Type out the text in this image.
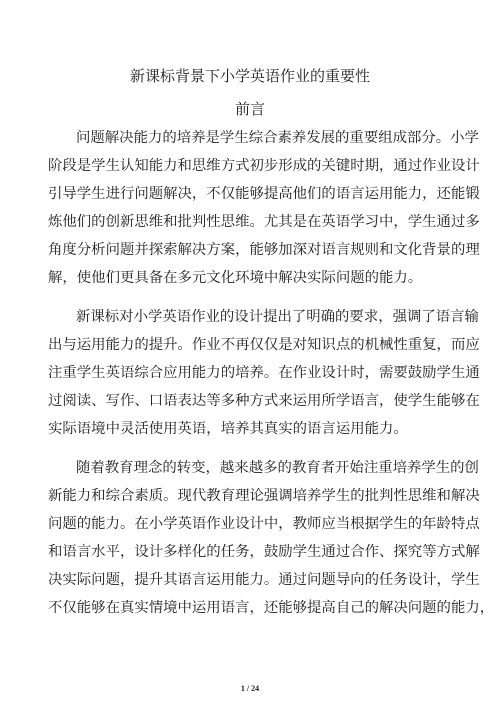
新课标背景下小学英语作业的重要性
前言
问题解决能力的培养是学生综合素养发展的重要组成部分。小学
阶段是学生认知能力和思维方式初步形成的关键时期，通过作业设计
引导学生进行问题解决，不仅能够提高他们的语言运用能力，还能锻
炼他们的创新思维和批判性思维。尤其是在英语学习中，学生通过多
角度分析问题并探索解决方案，能够加深对语言规则和文化背景的理
解，使他们更具备在多元文化环境中解决实际问题的能力。
新课标对小学英语作业的设计提出了明确的要求，强调了语言输
出与运用能力的提升。作业不再仅仅是对知识点的机械性重复，而应
注重学生英语综合应用能力的培养。在作业设计时，需要鼓励学生通
过阅读、写作、口语表达等多种方式来运用所学语言，使学生能够在
实际语境中灵活使用英语，培养其真实的语言运用能力。
随着教育理念的转变，越来越多的教育者开始注重培养学生的创
新能力和综合素质。现代教育理论强调培养学生的批判性思维和解决
问题的能力。在小学英语作业设计中，教师应当根据学生的年龄特点
和语言水平，设计多样化的任务，鼓励学生通过合作、探究等方式解
决实际问题，提升其语言运用能力。通过问题导向的任务设计，学生
不仅能够在真实情境中运用语言，还能够提高自己的解决问题的能力，
1 / 24
